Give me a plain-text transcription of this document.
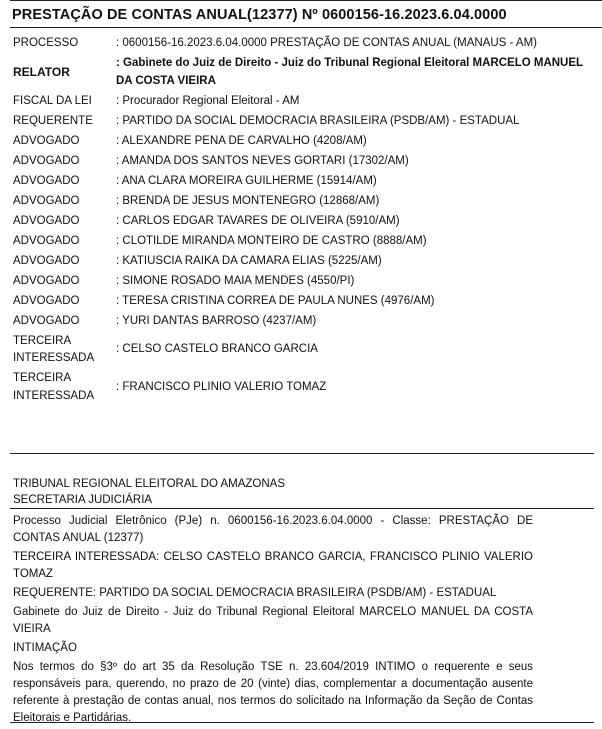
PRESTAÇÃO DE CONTAS ANUAL(12377) Nº 0600156-16.2023.6.04.0000
PROCESSO	: 0600156-16.2023.6.04.0000 PRESTAÇÃO DE CONTAS ANUAL (MANAUS - AM)
RELATOR
: Gabinete do Juiz de Direito - Juiz do Tribunal Regional Eleitoral MARCELO MANUEL DA COSTA VIEIRA
FISCAL DA LEI	: Procurador Regional Eleitoral - AM
REQUERENTE	: PARTIDO DA SOCIAL DEMOCRACIA BRASILEIRA (PSDB/AM) - ESTADUAL
ADVOGADO	: ALEXANDRE PENA DE CARVALHO (4208/AM)
ADVOGADO	: AMANDA DOS SANTOS NEVES GORTARI (17302/AM)
ADVOGADO	: ANA CLARA MOREIRA GUILHERME (15914/AM)
ADVOGADO	: BRENDA DE JESUS MONTENEGRO (12868/AM)
ADVOGADO	: CARLOS EDGAR TAVARES DE OLIVEIRA (5910/AM)
ADVOGADO	: CLOTILDE MIRANDA MONTEIRO DE CASTRO (8888/AM)
ADVOGADO	: KATIUSCIA RAIKA DA CAMARA ELIAS (5225/AM)
ADVOGADO	: SIMONE ROSADO MAIA MENDES (4550/PI)
ADVOGADO	: TERESA CRISTINA CORREA DE PAULA NUNES (4976/AM)
ADVOGADO	: YURI DANTAS BARROSO (4237/AM)
TERCEIRA INTERESSADA
: CELSO CASTELO BRANCO GARCIA
TERCEIRA INTERESSADA
: FRANCISCO PLINIO VALERIO TOMAZ
TRIBUNAL REGIONAL ELEITORAL DO AMAZONAS
SECRETARIA JUDICIÁRIA

Processo Judicial Eletrônico (PJe) n. 0600156-16.2023.6.04.0000 - Classe: PRESTAÇÃO DE CONTAS ANUAL (12377)

TERCEIRA INTERESSADA: CELSO CASTELO BRANCO GARCIA, FRANCISCO PLINIO VALERIO TOMAZ

REQUERENTE: PARTIDO DA SOCIAL DEMOCRACIA BRASILEIRA (PSDB/AM) - ESTADUAL

Gabinete do Juiz de Direito - Juiz do Tribunal Regional Eleitoral MARCELO MANUEL DA COSTA VIEIRA

INTIMAÇÃO

Nos termos do §3º do art 35 da Resolução TSE n. 23.604/2019 INTIMO o requerente e seus responsáveis para, querendo, no prazo de 20 (vinte) dias, complementar a documentação ausente referente à prestação de contas anual, nos termos do solicitado na Informação da Seção de Contas Eleitorais e Partidárias.
